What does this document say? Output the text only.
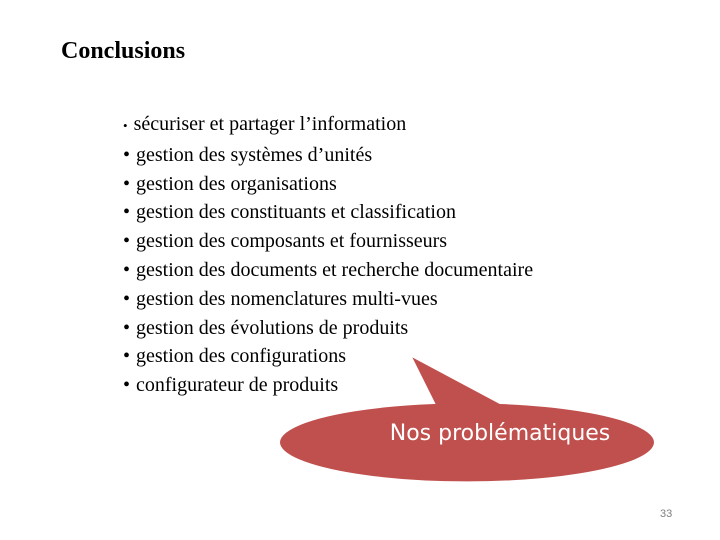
Conclusions
• sécuriser et partager l’information
• gestion des systèmes d’unités
• gestion des organisations
• gestion des constituants et classification
• gestion des composants et fournisseurs
• gestion des documents et recherche documentaire
• gestion des nomenclatures multi-vues
• gestion des évolutions de produits
• gestion des configurations
• configurateur de produits
Nos problématiques
33
